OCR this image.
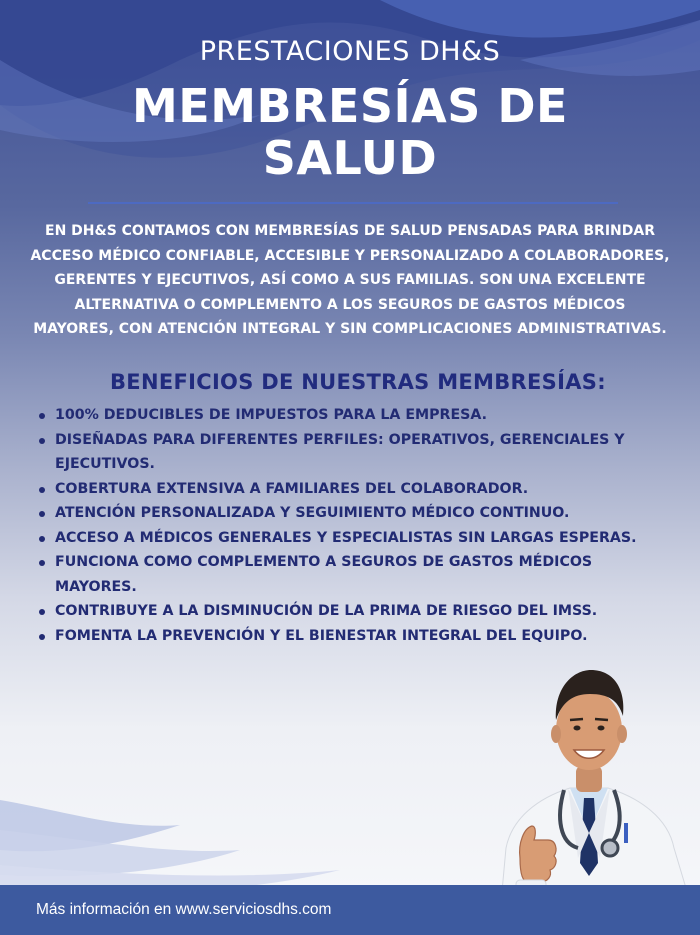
PRESTACIONES DH&S
MEMBRESÍAS DE
SALUD
EN DH&S CONTAMOS CON MEMBRESÍAS DE SALUD PENSADAS PARA BRINDAR
ACCESO MÉDICO CONFIABLE, ACCESIBLE Y PERSONALIZADO A COLABORADORES,
GERENTES Y EJECUTIVOS, ASÍ COMO A SUS FAMILIAS. SON UNA EXCELENTE
ALTERNATIVA O COMPLEMENTO A LOS SEGUROS DE GASTOS MÉDICOS
MAYORES, CON ATENCIÓN INTEGRAL Y SIN COMPLICACIONES ADMINISTRATIVAS.
BENEFICIOS DE NUESTRAS MEMBRESÍAS:
100% DEDUCIBLES DE IMPUESTOS PARA LA EMPRESA.
DISEÑADAS PARA DIFERENTES PERFILES: OPERATIVOS, GERENCIALES Y EJECUTIVOS.
COBERTURA EXTENSIVA A FAMILIARES DEL COLABORADOR.
ATENCIÓN PERSONALIZADA Y SEGUIMIENTO MÉDICO CONTINUO.
ACCESO A MÉDICOS GENERALES Y ESPECIALISTAS SIN LARGAS ESPERAS.
FUNCIONA COMO COMPLEMENTO A SEGUROS DE GASTOS MÉDICOS MAYORES.
CONTRIBUYE A LA DISMINUCIÓN DE LA PRIMA DE RIESGO DEL IMSS.
FOMENTA LA PREVENCIÓN Y EL BIENESTAR INTEGRAL DEL EQUIPO.
Más información en www.serviciosdhs.com
